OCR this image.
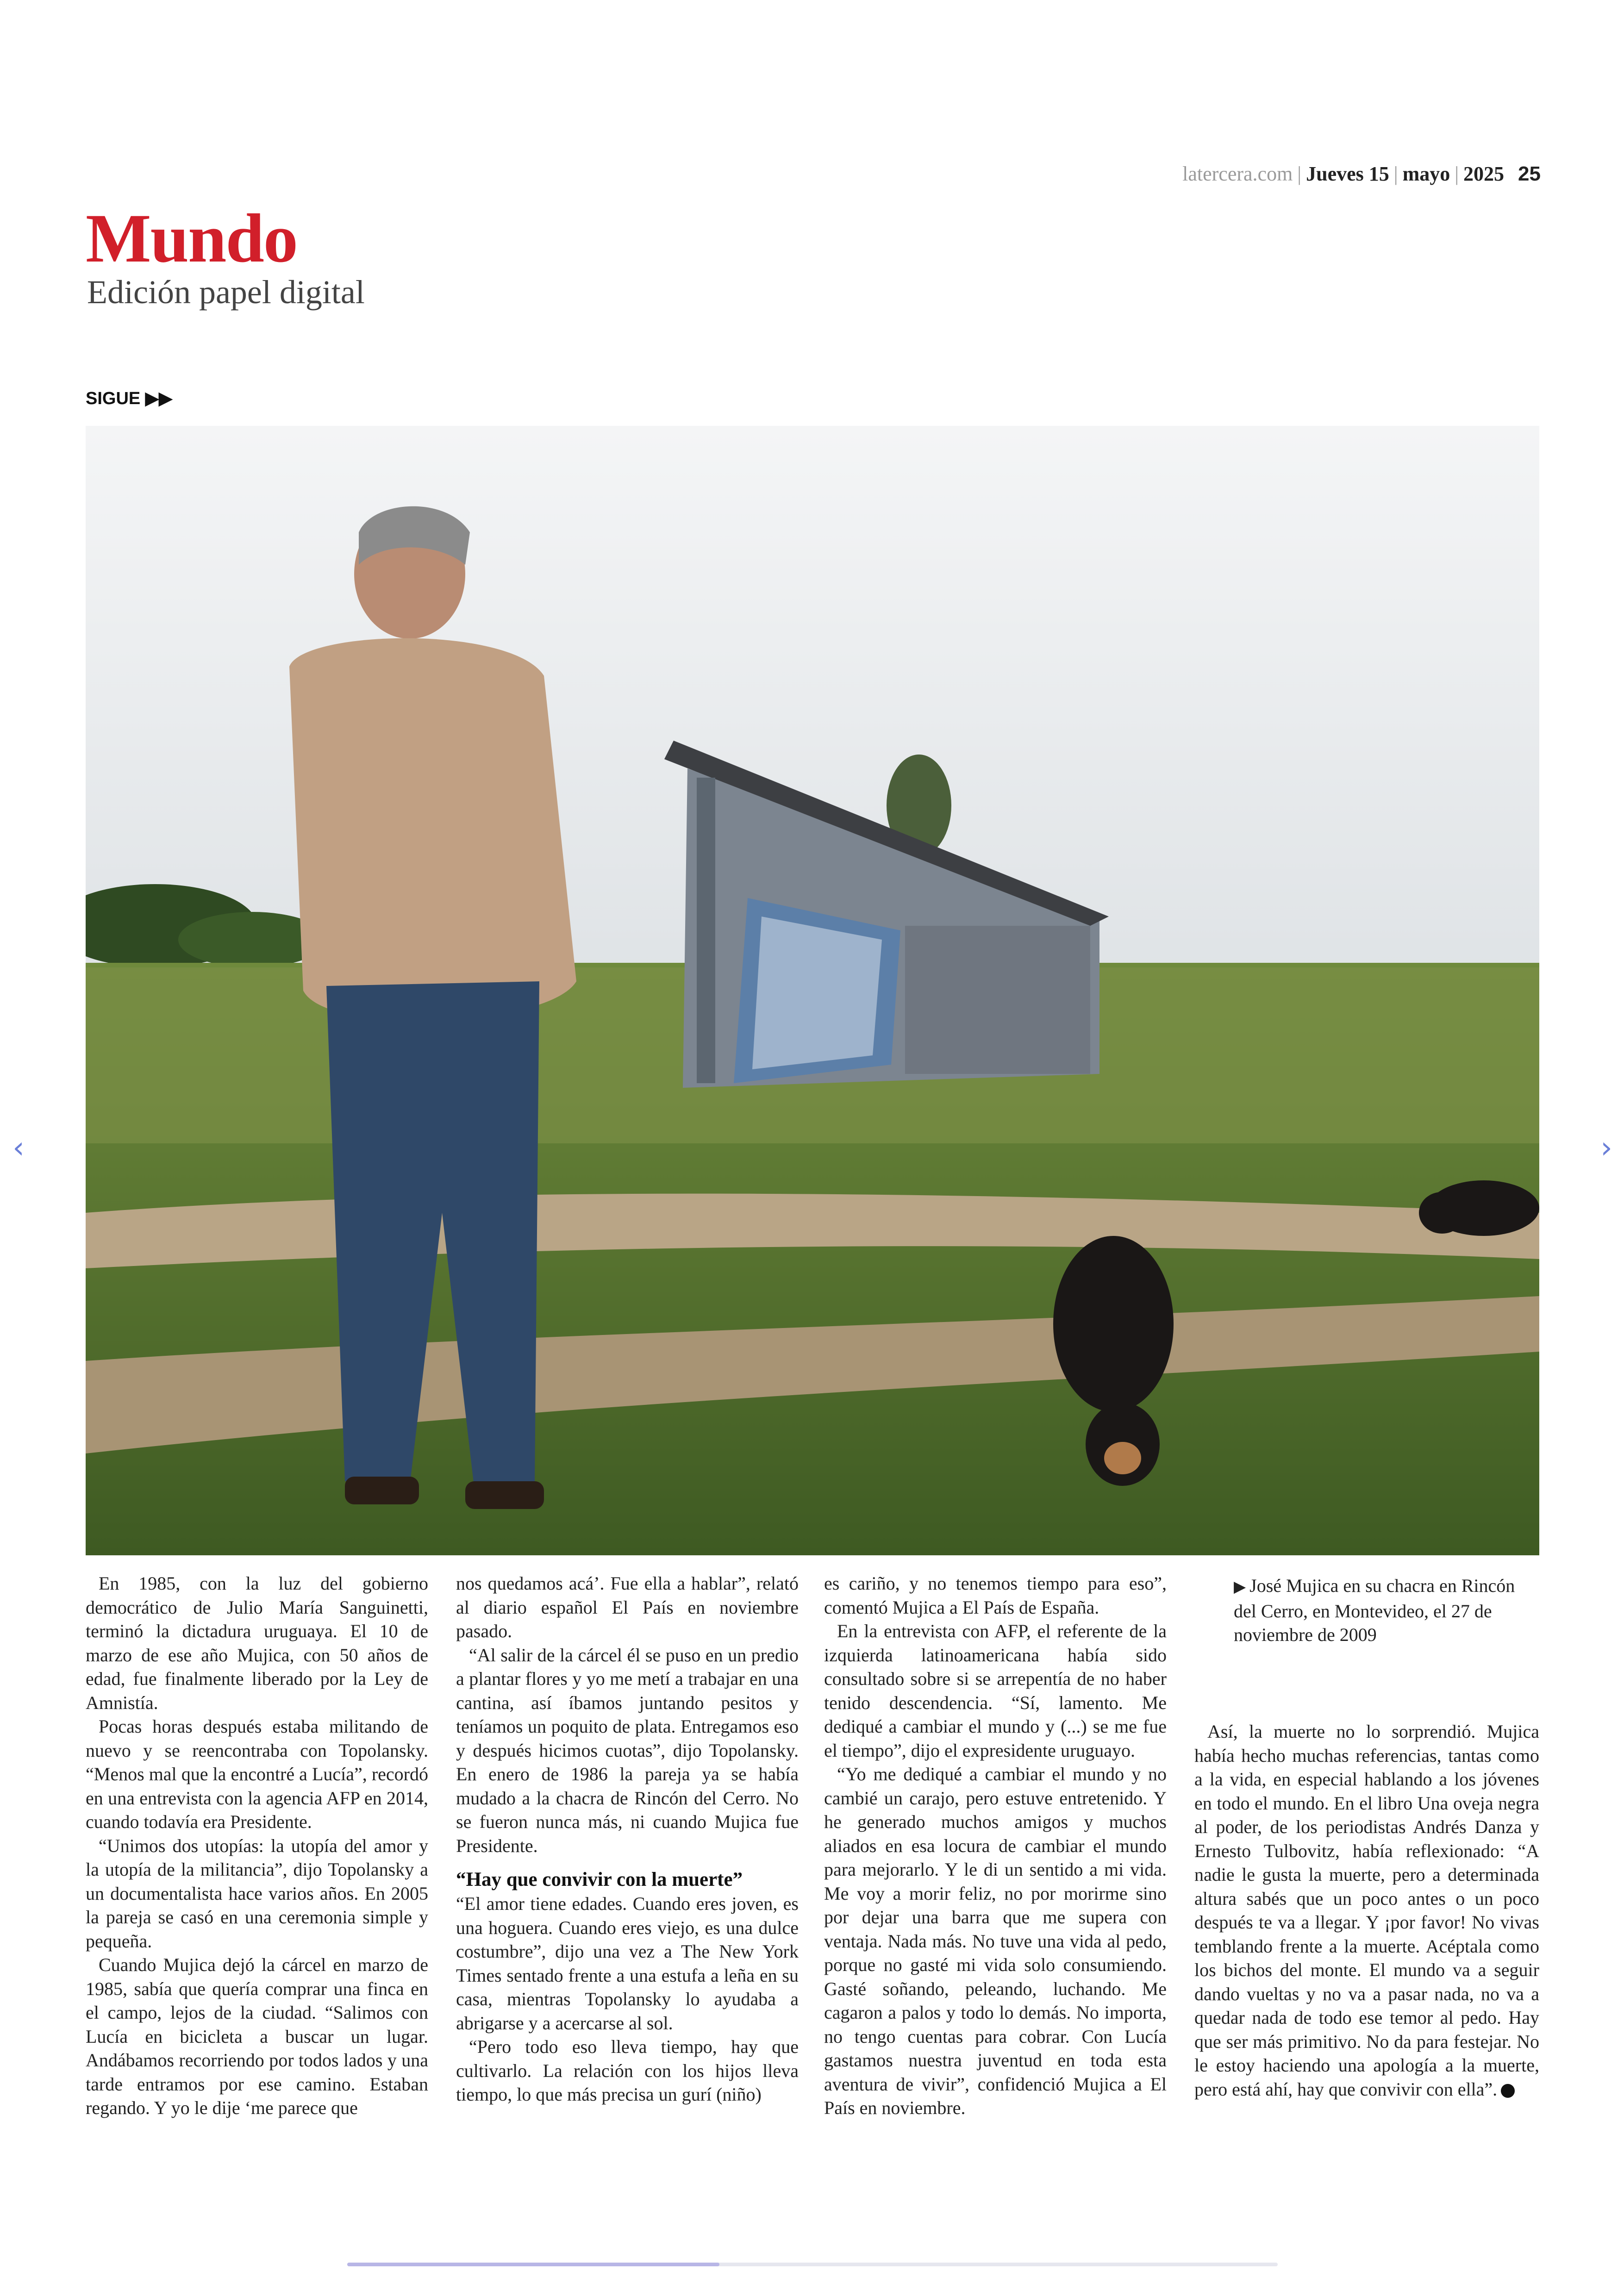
latercera.com | Jueves 15 | mayo | 2025 25
Mundo
Edición papel digital
SIGUE ▶▶
‹	›

En 1985, con la luz del gobierno democrático de Julio María Sanguinetti, terminó la dictadura uruguaya. El 10 de marzo de ese año Mujica, con 50 años de edad, fue finalmente liberado por la Ley de Amnistía.

Pocas horas después estaba militando de nuevo y se reencontraba con Topolansky. “Menos mal que la encontré a Lucía”, recordó en una entrevista con la agencia AFP en 2014, cuando todavía era Presidente.

“Unimos dos utopías: la utopía del amor y la utopía de la militancia”, dijo Topolansky a un documentalista hace varios años. En 2005 la pareja se casó en una ceremonia simple y pequeña.

Cuando Mujica dejó la cárcel en marzo de 1985, sabía que quería comprar una finca en el campo, lejos de la ciudad. “Salimos con Lucía en bicicleta a buscar un lugar. Andábamos recorriendo por todos lados y una tarde entramos por ese camino. Estaban regando. Y yo le dije ‘me parece que

nos quedamos acá’. Fue ella a hablar”, relató al diario español El País en noviembre pasado.

“Al salir de la cárcel él se puso en un predio a plantar flores y yo me metí a trabajar en una cantina, así íbamos juntando pesitos y teníamos un poquito de plata. Entregamos eso y después hicimos cuotas”, dijo Topolansky. En enero de 1986 la pareja ya se había mudado a la chacra de Rincón del Cerro. No se fueron nunca más, ni cuando Mujica fue Presidente.

“Hay que convivir con la muerte”

“El amor tiene edades. Cuando eres joven, es una hoguera. Cuando eres viejo, es una dulce costumbre”, dijo una vez a The New York Times sentado frente a una estufa a leña en su casa, mientras Topolansky lo ayudaba a abrigarse y a acercarse al sol.

“Pero todo eso lleva tiempo, hay que cultivarlo. La relación con los hijos lleva tiempo, lo que más precisa un gurí (niño)

es cariño, y no tenemos tiempo para eso”, comentó Mujica a El País de España.

En la entrevista con AFP, el referente de la izquierda latinoamericana había sido consultado sobre si se arrepentía de no haber tenido descendencia. “Sí, lamento. Me dediqué a cambiar el mundo y (...) se me fue el tiempo”, dijo el expresidente uruguayo.

“Yo me dediqué a cambiar el mundo y no cambié un carajo, pero estuve entretenido. Y he generado muchos amigos y muchos aliados en esa locura de cambiar el mundo para mejorarlo. Y le di un sentido a mi vida. Me voy a morir feliz, no por morirme sino por dejar una barra que me supera con ventaja. Nada más. No tuve una vida al pedo, porque no gasté mi vida solo consumiendo. Gasté soñando, peleando, luchando. Me cagaron a palos y todo lo demás. No importa, no tengo cuentas para cobrar. Con Lucía gastamos nuestra juventud en toda esta aventura de vivir”, confidenció Mujica a El País en noviembre.

▶ José Mujica en su chacra en Rincón del Cerro, en Montevideo, el 27 de noviembre de 2009

Así, la muerte no lo sorprendió. Mujica había hecho muchas referencias, tantas como a la vida, en especial hablando a los jóvenes en todo el mundo. En el libro Una oveja negra al poder, de los periodistas Andrés Danza y Ernesto Tulbovitz, había reflexionado: “A nadie le gusta la muerte, pero a determinada altura sabés que un poco antes o un poco después te va a llegar. Y ¡por favor! No vivas temblando frente a la muerte. Acéptala como los bichos del monte. El mundo va a seguir dando vueltas y no va a pasar nada, no va a quedar nada de todo ese temor al pedo. Hay que ser más primitivo. No da para festejar. No le estoy haciendo una apología a la muerte, pero está ahí, hay que convivir con ella”.
